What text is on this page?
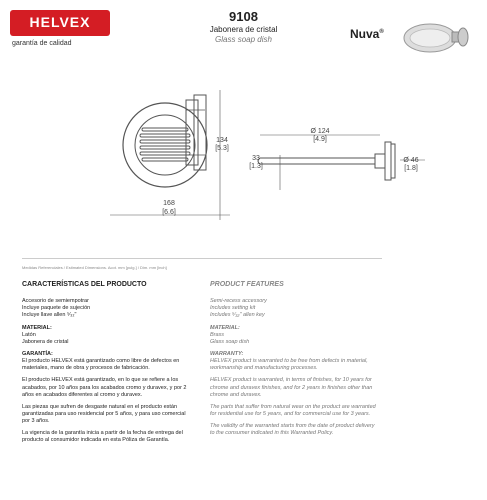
HELVEX
garantía de calidad
9108
Jabonera de cristal
Glass soap dish	Nuva®
168
[6.6]
134
[5.3]
Ø 124
[4.9]
33
[1.3]
Ø 46
[1.8]
Medidas Referenciales / Estimated Dimensions. Acot. mm [pulg.] / Dim. mm [inch]

CARACTERÍSTICAS DEL PRODUCTO

Accesorio de semiempotrar
Incluye paquete de sujeción

Incluye llave allen ⁵⁄₃₂"

MATERIAL:
Latón

Jabonera de cristal

GARANTÍA:

El producto HELVEX está garantizado como libre de defectos en materiales, mano de obra y procesos de fabricación.

El producto HELVEX está garantizado, en lo que se refiere a los acabados, por 10 años para los acabados cromo y duravex, y por 2 años en acabados diferentes al cromo y duravex.

Las piezas que sufren de desgaste natural en el producto están garantizadas para uso residencial por 5 años, y para uso comercial por 3 años.

La vigencia de la garantía inicia a partir de la fecha de entrega del producto al consumidor indicada en esta Póliza de Garantía.

PRODUCT FEATURES

Semi-recess accessory
Includes setting kit

Includes ⁵⁄₃₂" allen key

MATERIAL:
Brass

Glass soap dish

WARRANTY:

HELVEX product is warranted to be free from defects in material, workmanship and manufacturing processes.

HELVEX product is warranted, in terms of finishes, for 10 years for chrome and duravex finishes, and for 2 years in finishes other than chrome and duravex.

The parts that suffer from natural wear on the product are warranted for residential use for 5 years, and for commercial use for 3 years.

The validity of the warranted starts from the date of product delivery to the consumer indicated in this Warranted Policy.
